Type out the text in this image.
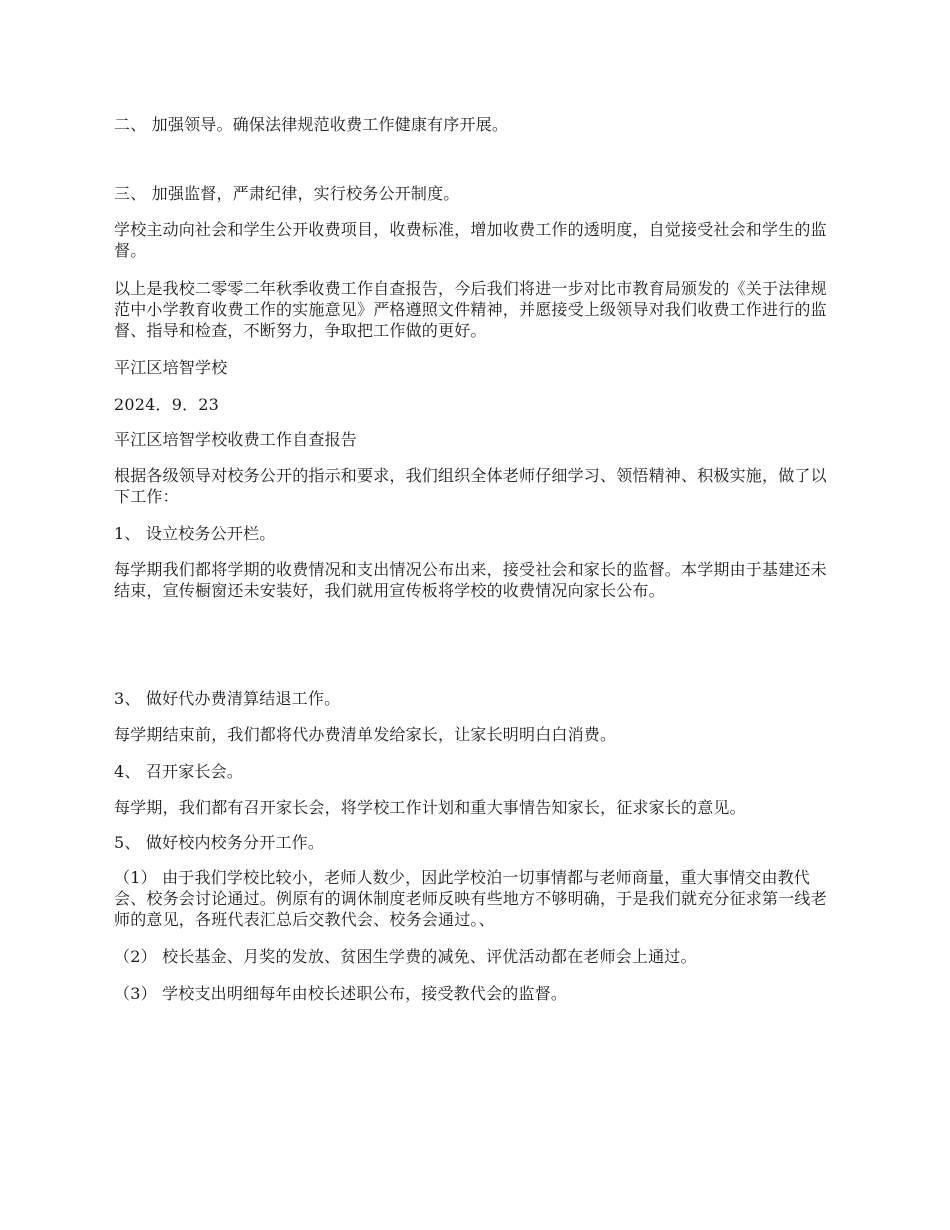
二、 加强领导。确保法律规范收费工作健康有序开展。
三、 加强监督，严肃纪律，实行校务公开制度。
学校主动向社会和学生公开收费项目，收费标准，增加收费工作的透明度，自觉接受社会和学生的监督。
以上是我校二零零二年秋季收费工作自查报告，今后我们将进一步对比市教育局颁发的《关于法律规范中小学教育收费工作的实施意见》严格遵照文件精神，并愿接受上级领导对我们收费工作进行的监督、指导和检查，不断努力，争取把工作做的更好。
平江区培智学校
2024．9．23
平江区培智学校收费工作自查报告
根据各级领导对校务公开的指示和要求，我们组织全体老师仔细学习、领悟精神、积极实施，做了以下工作：
1、 设立校务公开栏。
每学期我们都将学期的收费情况和支出情况公布出来，接受社会和家长的监督。本学期由于基建还未结束，宣传橱窗还未安装好，我们就用宣传板将学校的收费情况向家长公布。
3、 做好代办费清算结退工作。
每学期结束前，我们都将代办费清单发给家长，让家长明明白白消费。
4、 召开家长会。
每学期，我们都有召开家长会，将学校工作计划和重大事情告知家长，征求家长的意见。
5、 做好校内校务分开工作。
（1） 由于我们学校比较小，老师人数少，因此学校泊一切事情都与老师商量，重大事情交由教代会、校务会讨论通过。例原有的调休制度老师反映有些地方不够明确，于是我们就充分征求第一线老师的意见，各班代表汇总后交教代会、校务会通过。、
（2） 校长基金、月奖的发放、贫困生学费的减免、评优活动都在老师会上通过。
（3） 学校支出明细每年由校长述职公布，接受教代会的监督。
